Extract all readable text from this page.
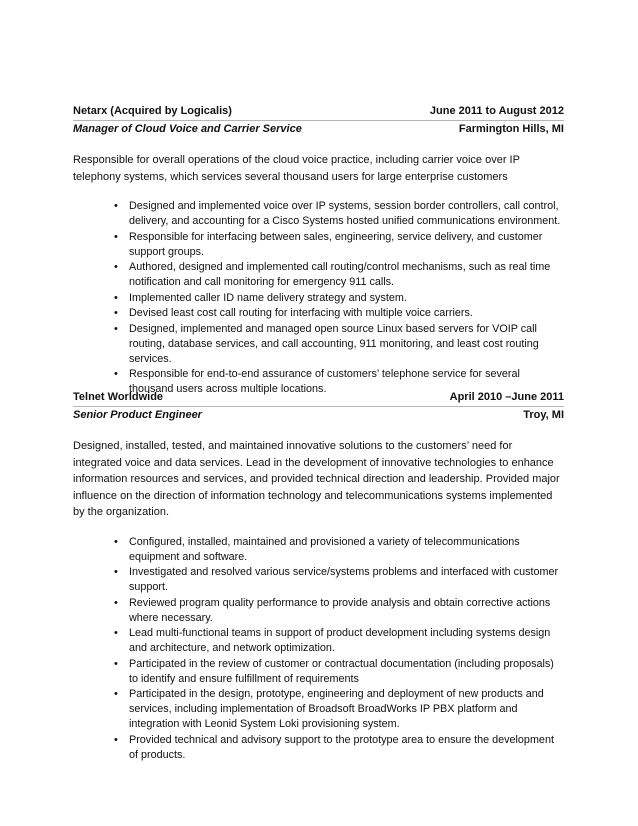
Netarx (Acquired by Logicalis)	June 2011 to August 2012
Manager of Cloud Voice and Carrier Service	Farmington Hills, MI

Responsible for overall operations of the cloud voice practice, including carrier voice over IP telephony systems, which services several thousand users for large enterprise customers

• Designed and implemented voice over IP systems, session border controllers, call control, delivery, and accounting for a Cisco Systems hosted unified communications environment.
• Responsible for interfacing between sales, engineering, service delivery, and customer support groups.
• Authored, designed and implemented call routing/control mechanisms, such as real time notification and call monitoring for emergency 911 calls.
• Implemented caller ID name delivery strategy and system.
• Devised least cost call routing for interfacing with multiple voice carriers.
• Designed, implemented and managed open source Linux based servers for VOIP call routing, database services, and call accounting, 911 monitoring, and least cost routing services.
• Responsible for end-to-end assurance of customers’ telephone service for several thousand users across multiple locations.
Telnet Worldwide	April 2010 –June 2011
Senior Product Engineer	Troy, MI

Designed, installed, tested, and maintained innovative solutions to the customers’ need for integrated voice and data services. Lead in the development of innovative technologies to enhance information resources and services, and provided technical direction and leadership. Provided major influence on the direction of information technology and telecommunications systems implemented by the organization.

• Configured, installed, maintained and provisioned a variety of telecommunications equipment and software.
• Investigated and resolved various service/systems problems and interfaced with customer support.
• Reviewed program quality performance to provide analysis and obtain corrective actions where necessary.
• Lead multi-functional teams in support of product development including systems design and architecture, and network optimization.
• Participated in the review of customer or contractual documentation (including proposals) to identify and ensure fulfillment of requirements
• Participated in the design, prototype, engineering and deployment of new products and services, including implementation of Broadsoft BroadWorks IP PBX platform and integration with Leonid System Loki provisioning system.
• Provided technical and advisory support to the prototype area to ensure the development of products.
